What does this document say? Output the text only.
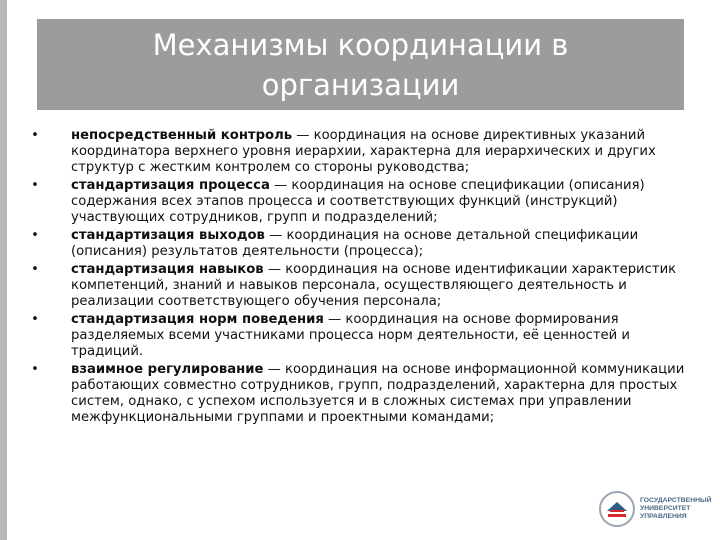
Механизмы координации в организации
• непосредственный контроль — координация на основе директивных указаний координатора верхнего уровня иерархии, характерна для иерархических и других структур с жестким контролем со стороны руководства;
• стандартизация процесса — координация на основе спецификации (описания) содержания всех этапов процесса и соответствующих функций (инструкций) участвующих сотрудников, групп и подразделений;
• стандартизация выходов — координация на основе детальной спецификации (описания) результатов деятельности (процесса);
• стандартизация навыков — координация на основе идентификации характеристик компетенций, знаний и навыков персонала, осуществляющего деятельность и реализации соответствующего обучения персонала;
• стандартизация норм поведения — координация на основе формирования разделяемых всеми участниками процесса норм деятельности, её ценностей и традиций.
• взаимное регулирование — координация на основе информационной коммуникации работающих совместно сотрудников, групп, подразделений, характерна для простых систем, однако, с успехом используется и в сложных системах при управлении межфункциональными группами и проектными командами;
ГОСУДАРСТВЕННЫЙ
УНИВЕРСИТЕТ
УПРАВЛЕНИЯ
